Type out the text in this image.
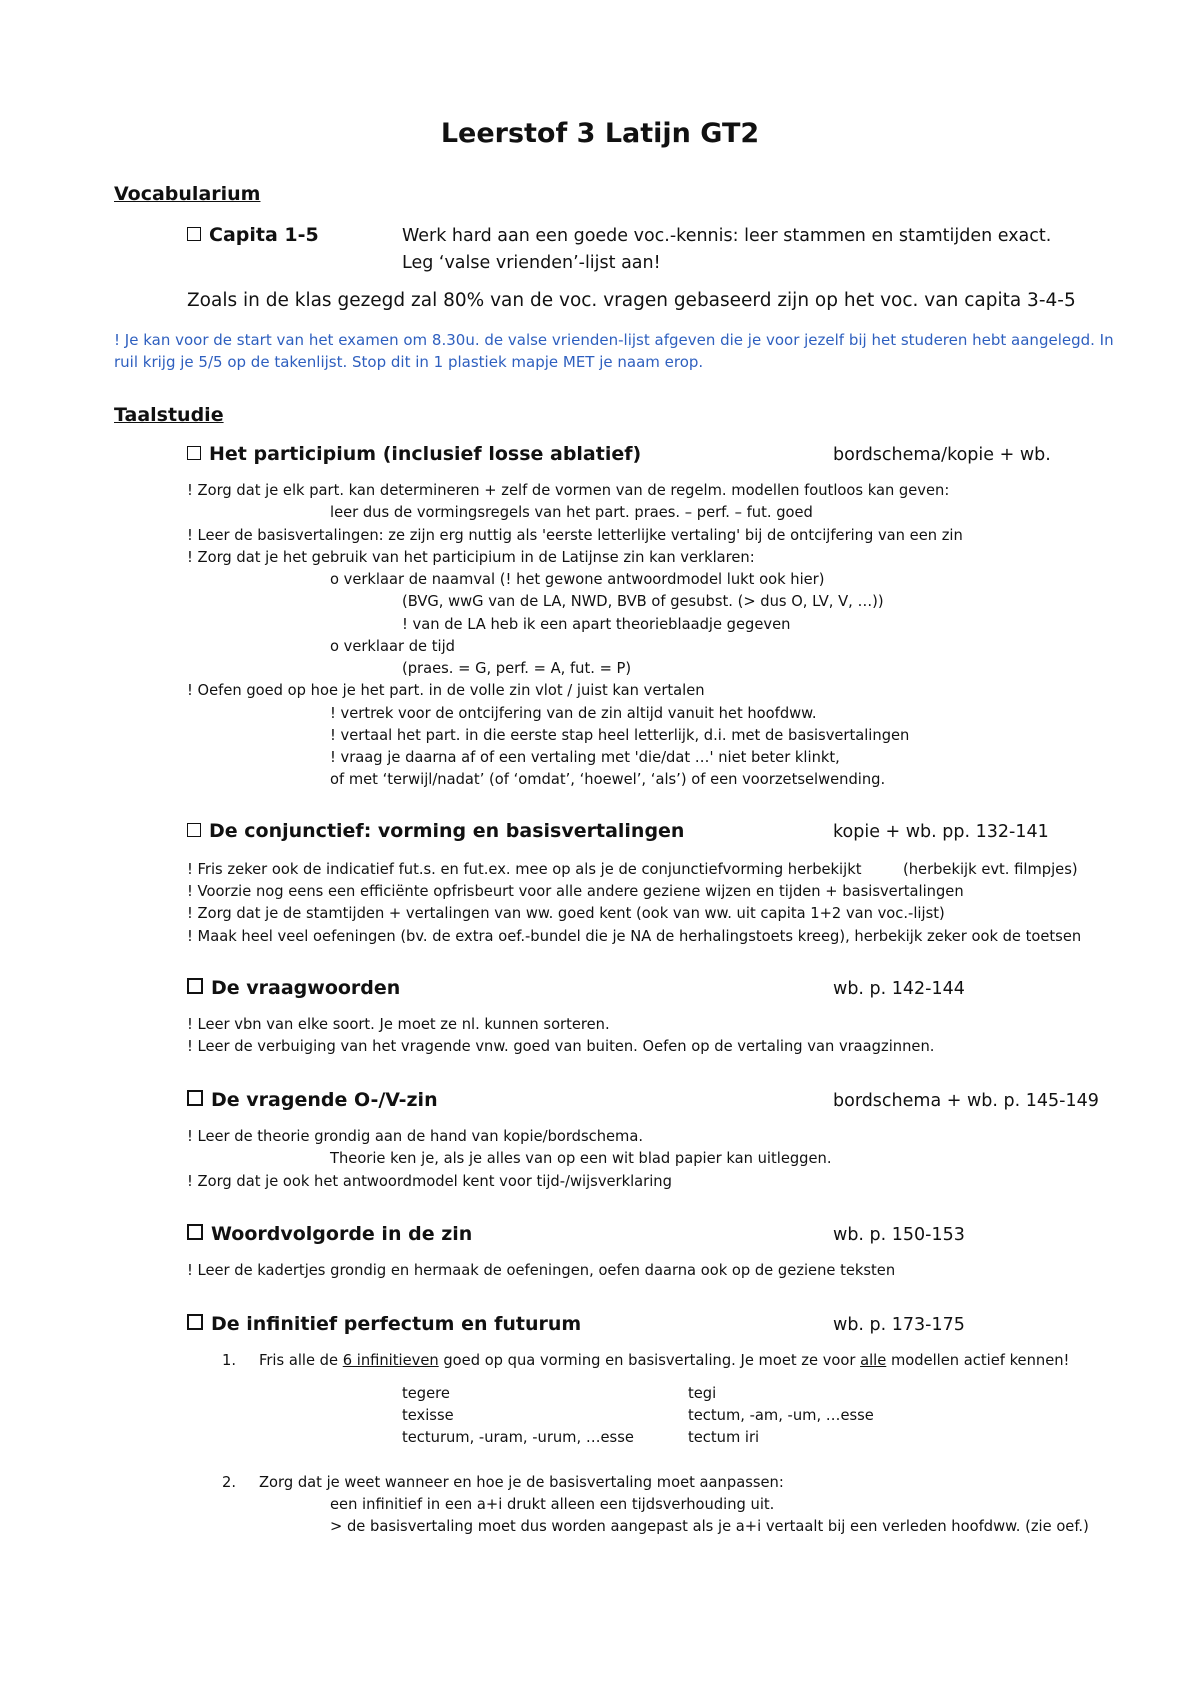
Leerstof 3 Latijn GT2
Vocabularium
Capita 1-5	Werk hard aan een goede voc.-kennis: leer stammen en stamtijden exact.
Leg ‘valse vrienden’-lijst aan!
Zoals in de klas gezegd zal 80% van de voc. vragen gebaseerd zijn op het voc. van capita 3-4-5
! Je kan voor de start van het examen om 8.30u. de valse vrienden-lijst afgeven die je voor jezelf bij het studeren hebt aangelegd. In
ruil krijg je 5/5 op de takenlijst. Stop dit in 1 plastiek mapje MET je naam erop.
Taalstudie
Het participium (inclusief losse ablatief)	bordschema/kopie + wb.
! Zorg dat je elk part. kan determineren + zelf de vormen van de regelm. modellen foutloos kan geven:
leer dus de vormingsregels van het part. praes. – perf. – fut. goed
! Leer de basisvertalingen: ze zijn erg nuttig als 'eerste letterlijke vertaling' bij de ontcijfering van een zin
! Zorg dat je het gebruik van het participium in de Latijnse zin kan verklaren:
o verklaar de naamval (! het gewone antwoordmodel lukt ook hier)
(BVG, wwG van de LA, NWD, BVB of gesubst. (> dus O, LV, V, …))
! van de LA heb ik een apart theorieblaadje gegeven
o verklaar de tijd
(praes. = G, perf. = A, fut. = P)
! Oefen goed op hoe je het part. in de volle zin vlot / juist kan vertalen
! vertrek voor de ontcijfering van de zin altijd vanuit het hoofdww.
! vertaal het part. in die eerste stap heel letterlijk, d.i. met de basisvertalingen
! vraag je daarna af of een vertaling met 'die/dat …' niet beter klinkt,
of met ‘terwijl/nadat’ (of ‘omdat’, ‘hoewel’, ‘als’) of een voorzetselwending.
De conjunctief: vorming en basisvertalingen	kopie + wb. pp. 132-141
! Fris zeker ook de indicatief fut.s. en fut.ex. mee op als je de conjunctiefvorming herbekijkt	(herbekijk evt. filmpjes)
! Voorzie nog eens een efficiënte opfrisbeurt voor alle andere geziene wijzen en tijden + basisvertalingen
! Zorg dat je de stamtijden + vertalingen van ww. goed kent (ook van ww. uit capita 1+2 van voc.-lijst)
! Maak heel veel oefeningen (bv. de extra oef.-bundel die je NA de herhalingstoets kreeg), herbekijk zeker ook de toetsen
De vraagwoorden	wb. p. 142-144
! Leer vbn van elke soort. Je moet ze nl. kunnen sorteren.
! Leer de verbuiging van het vragende vnw. goed van buiten. Oefen op de vertaling van vraagzinnen.
De vragende O-/V-zin	bordschema + wb. p. 145-149
! Leer de theorie grondig aan de hand van kopie/bordschema.
Theorie ken je, als je alles van op een wit blad papier kan uitleggen.
! Zorg dat je ook het antwoordmodel kent voor tijd-/wijsverklaring
Woordvolgorde in de zin	wb. p. 150-153
! Leer de kadertjes grondig en hermaak de oefeningen, oefen daarna ook op de geziene teksten
De infinitief perfectum en futurum	wb. p. 173-175
1. Fris alle de 6 infinitieven goed op qua vorming en basisvertaling. Je moet ze voor alle modellen actief kennen!
tegere	tegi
texisse	tectum, -am, -um, …esse
tecturum, -uram, -urum, …esse	tectum iri
2. Zorg dat je weet wanneer en hoe je de basisvertaling moet aanpassen:
een infinitief in een a+i drukt alleen een tijdsverhouding uit.
> de basisvertaling moet dus worden aangepast als je a+i vertaalt bij een verleden hoofdww. (zie oef.)
